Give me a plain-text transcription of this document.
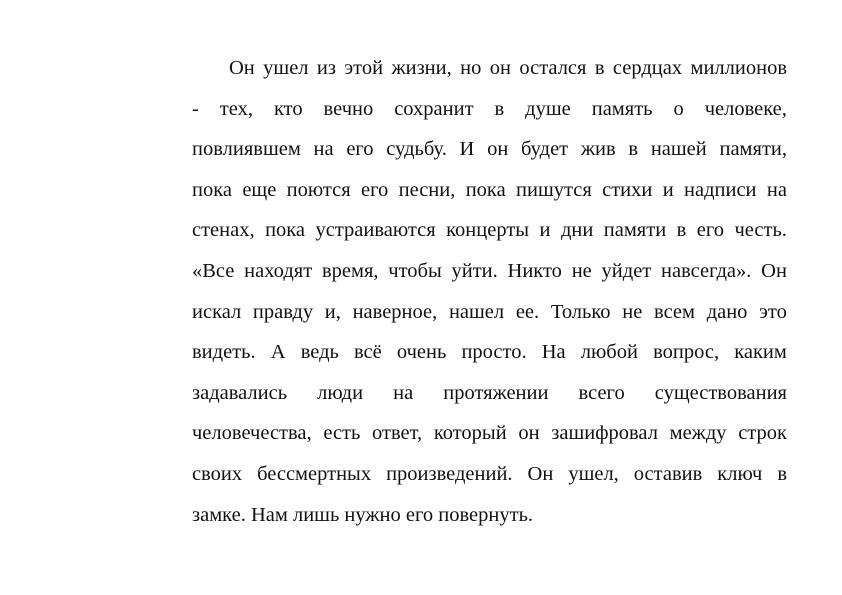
Он ушел из этой жизни, но он остался в сердцах миллионов
- тех, кто вечно сохранит в душе память о человеке,
повлиявшем на его судьбу. И он будет жив в нашей памяти,
пока еще поются его песни, пока пишутся стихи и надписи на
стенах, пока устраиваются концерты и дни памяти в его честь.
«Все находят время, чтобы уйти. Никто не уйдет навсегда». Он
искал правду и, наверное, нашел ее. Только не всем дано это
видеть. А ведь всё очень просто. На любой вопрос, каким
задавались люди на протяжении всего существования
человечества, есть ответ, который он зашифровал между строк
своих бессмертных произведений. Он ушел, оставив ключ в
замке. Нам лишь нужно его повернуть.
